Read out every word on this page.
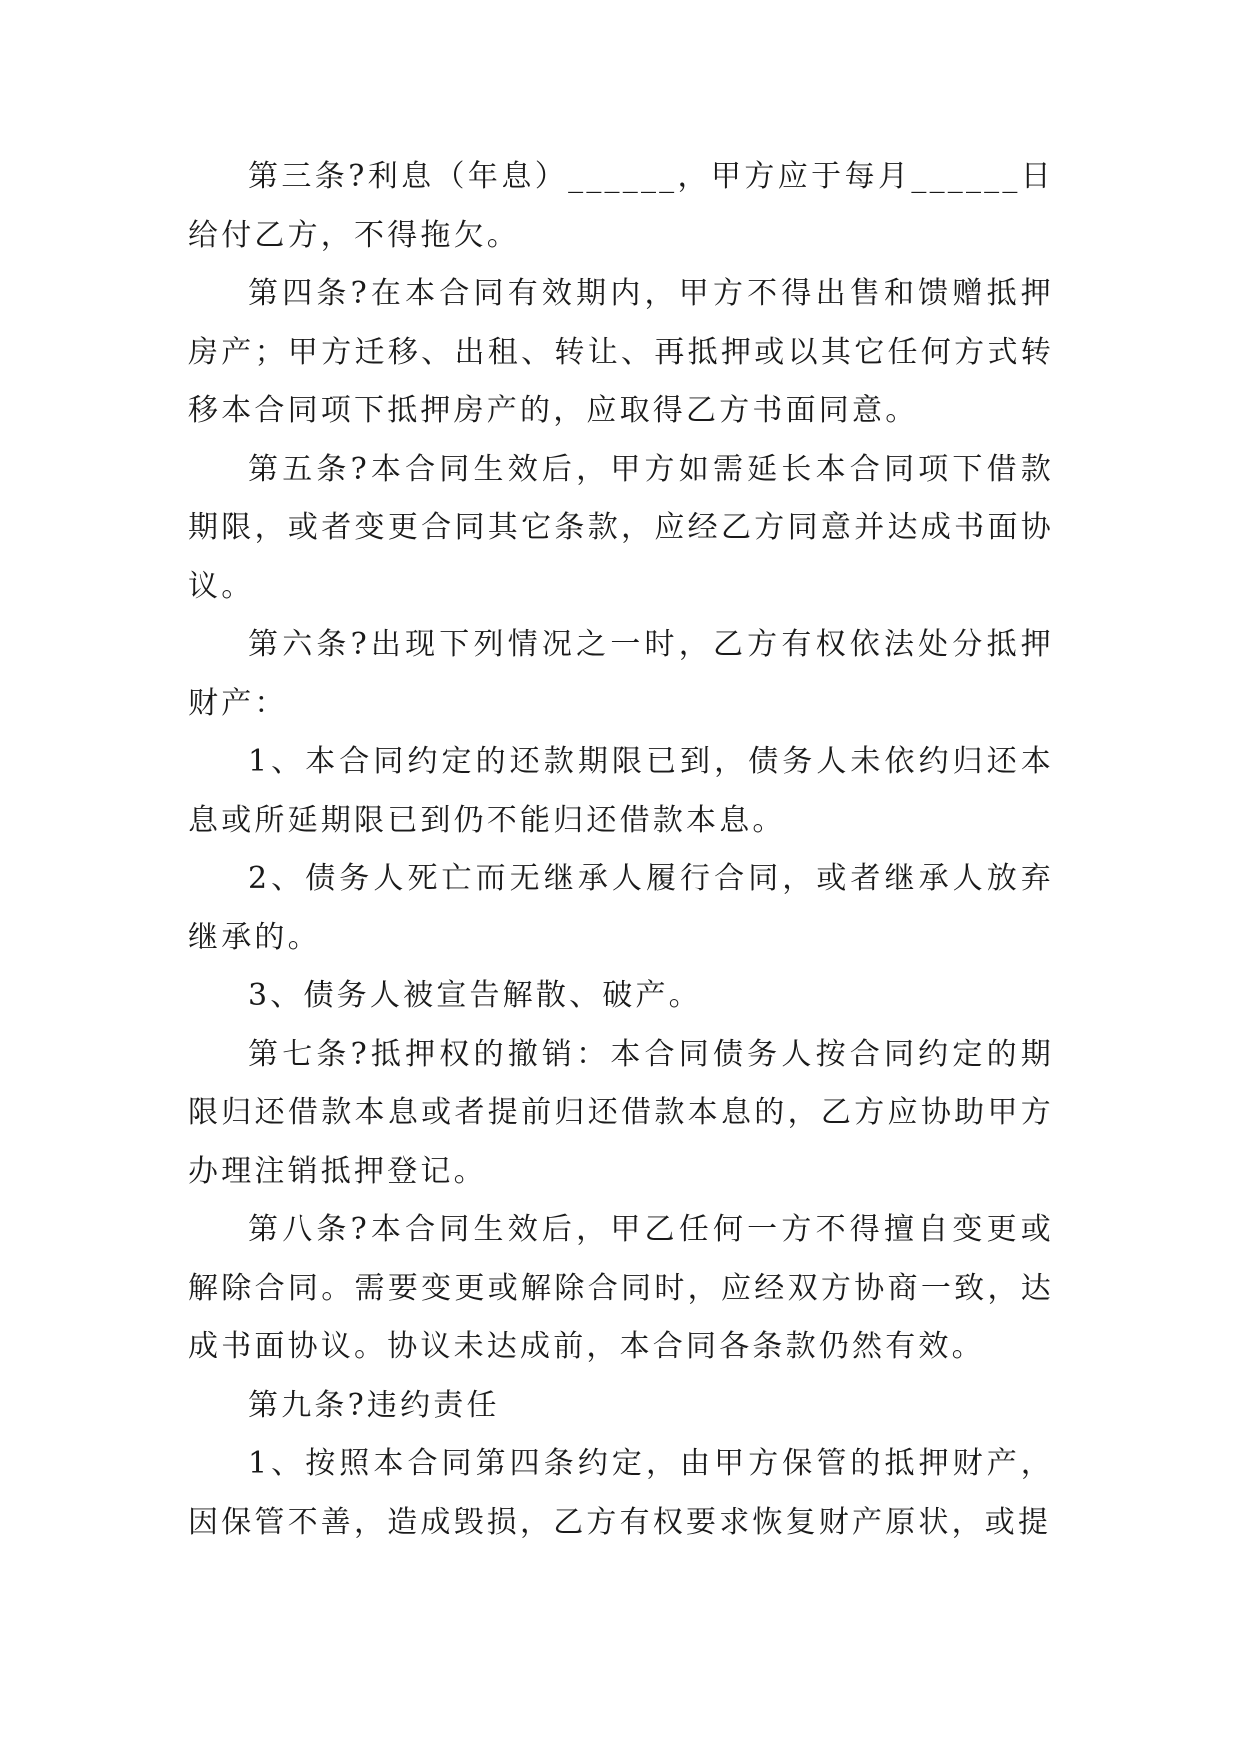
第三条?利息（年息）______，甲方应于每月______日给付乙方，不得拖欠。

第四条?在本合同有效期内，甲方不得出售和馈赠抵押房产；甲方迁移、出租、转让、再抵押或以其它任何方式转移本合同项下抵押房产的，应取得乙方书面同意。

第五条?本合同生效后，甲方如需延长本合同项下借款期限，或者变更合同其它条款，应经乙方同意并达成书面协议。

第六条?出现下列情况之一时，乙方有权依法处分抵押财产：

1、本合同约定的还款期限已到，债务人未依约归还本息或所延期限已到仍不能归还借款本息。

2、债务人死亡而无继承人履行合同，或者继承人放弃继承的。

3、债务人被宣告解散、破产。

第七条?抵押权的撤销：本合同债务人按合同约定的期限归还借款本息或者提前归还借款本息的，乙方应协助甲方办理注销抵押登记。

第八条?本合同生效后，甲乙任何一方不得擅自变更或解除合同。需要变更或解除合同时，应经双方协商一致，达成书面协议。协议未达成前，本合同各条款仍然有效。

第九条?违约责任

1、按照本合同第四条约定，由甲方保管的抵押财产，因保管不善，造成毁损，乙方有权要求恢复财产原状，或提
